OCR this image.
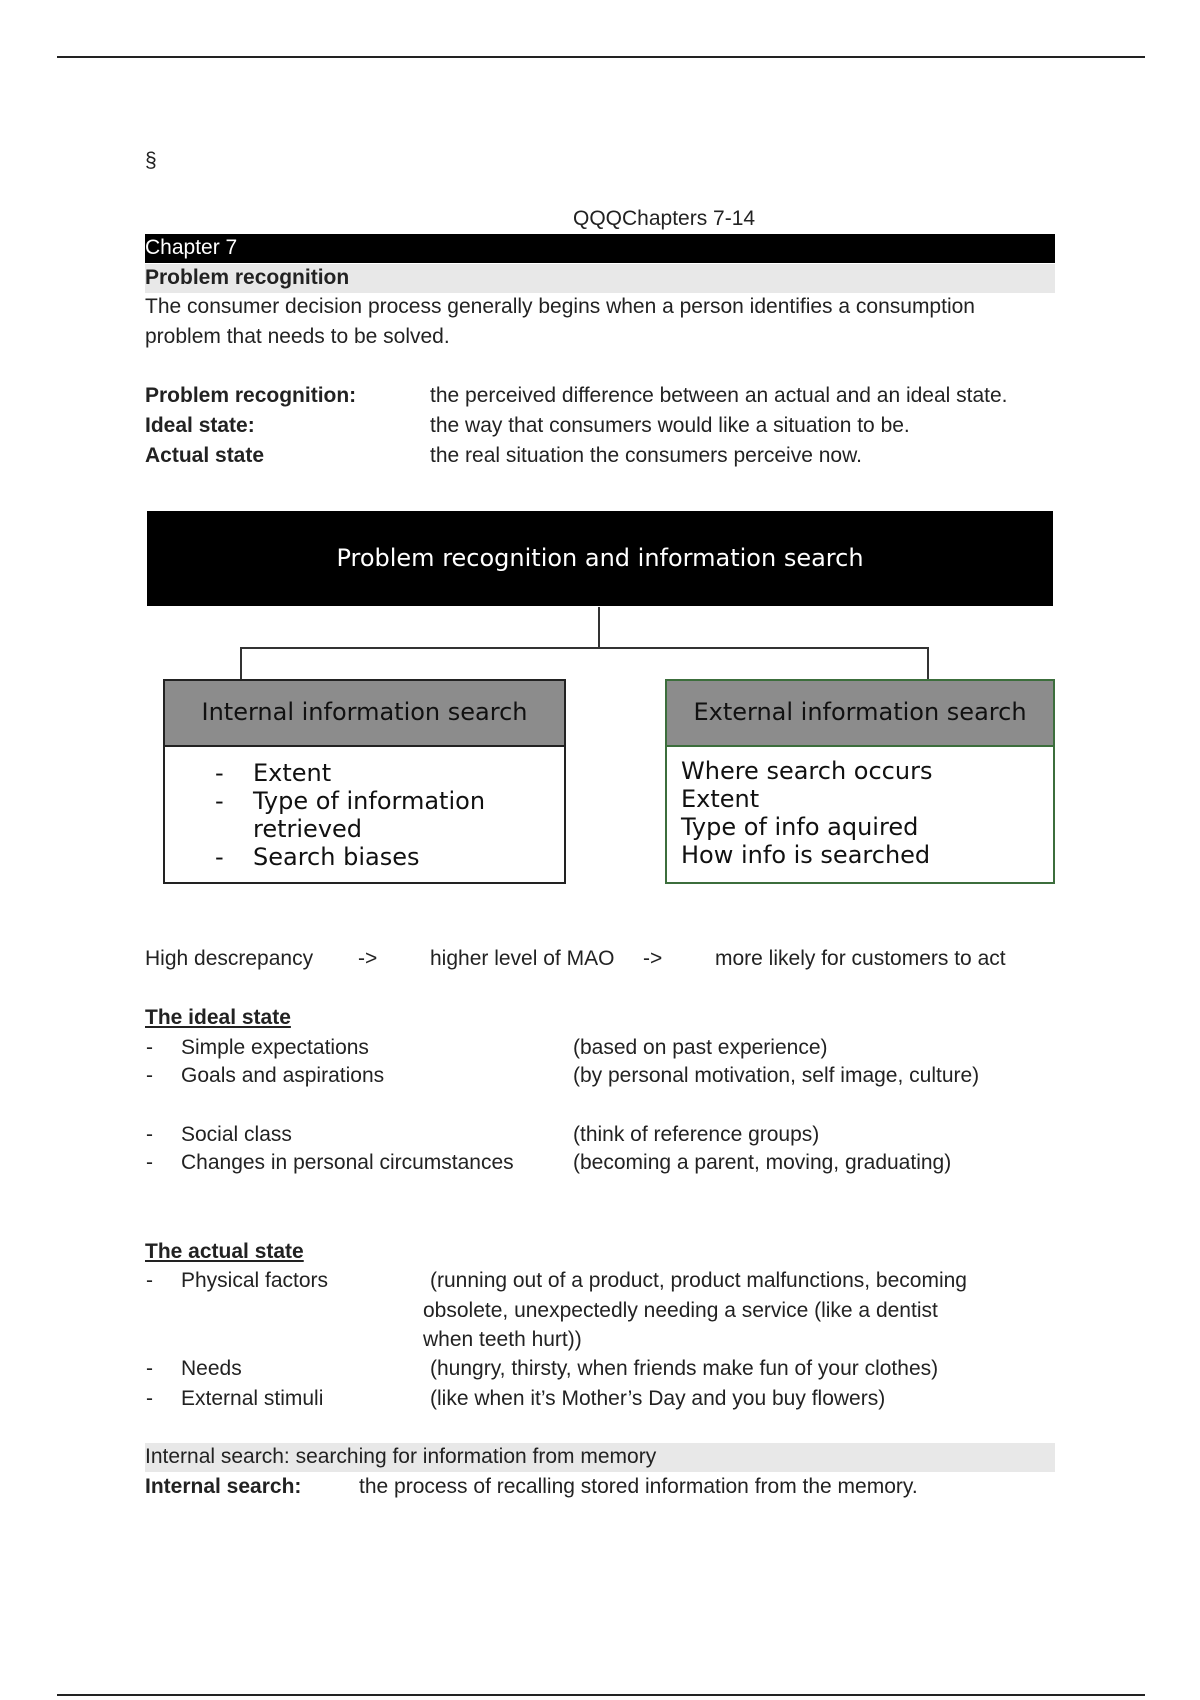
§
QQQChapters 7-14
Chapter 7
Problem recognition
The consumer decision process generally begins when a person identifies a consumption
problem that needs to be solved.
Problem recognition:	the perceived difference between an actual and an ideal state.
Ideal state:	the way that consumers would like a situation to be.
Actual state	the real situation the consumers perceive now.
Problem recognition and information search
Internal information search
- Extent
- Type of information
retrieved
- Search biases
External information search
Where search occurs
Extent
Type of info aquired
How info is searched
High descrepancy ->	higher level of MAO ->	more likely for customers to act
The ideal state
- Simple expectations	(based on past experience)
- Goals and aspirations	(by personal motivation, self image, culture)
- Social class	(think of reference groups)
- Changes in personal circumstances	(becoming a parent, moving, graduating)
The actual state
- Physical factors	(running out of a product, product malfunctions, becoming
obsolete, unexpectedly needing a service (like a dentist
when teeth hurt))
- Needs	(hungry, thirsty, when friends make fun of your clothes)
- External stimuli	(like when it’s Mother’s Day and you buy flowers)
Internal search: searching for information from memory
Internal search:	the process of recalling stored information from the memory.
